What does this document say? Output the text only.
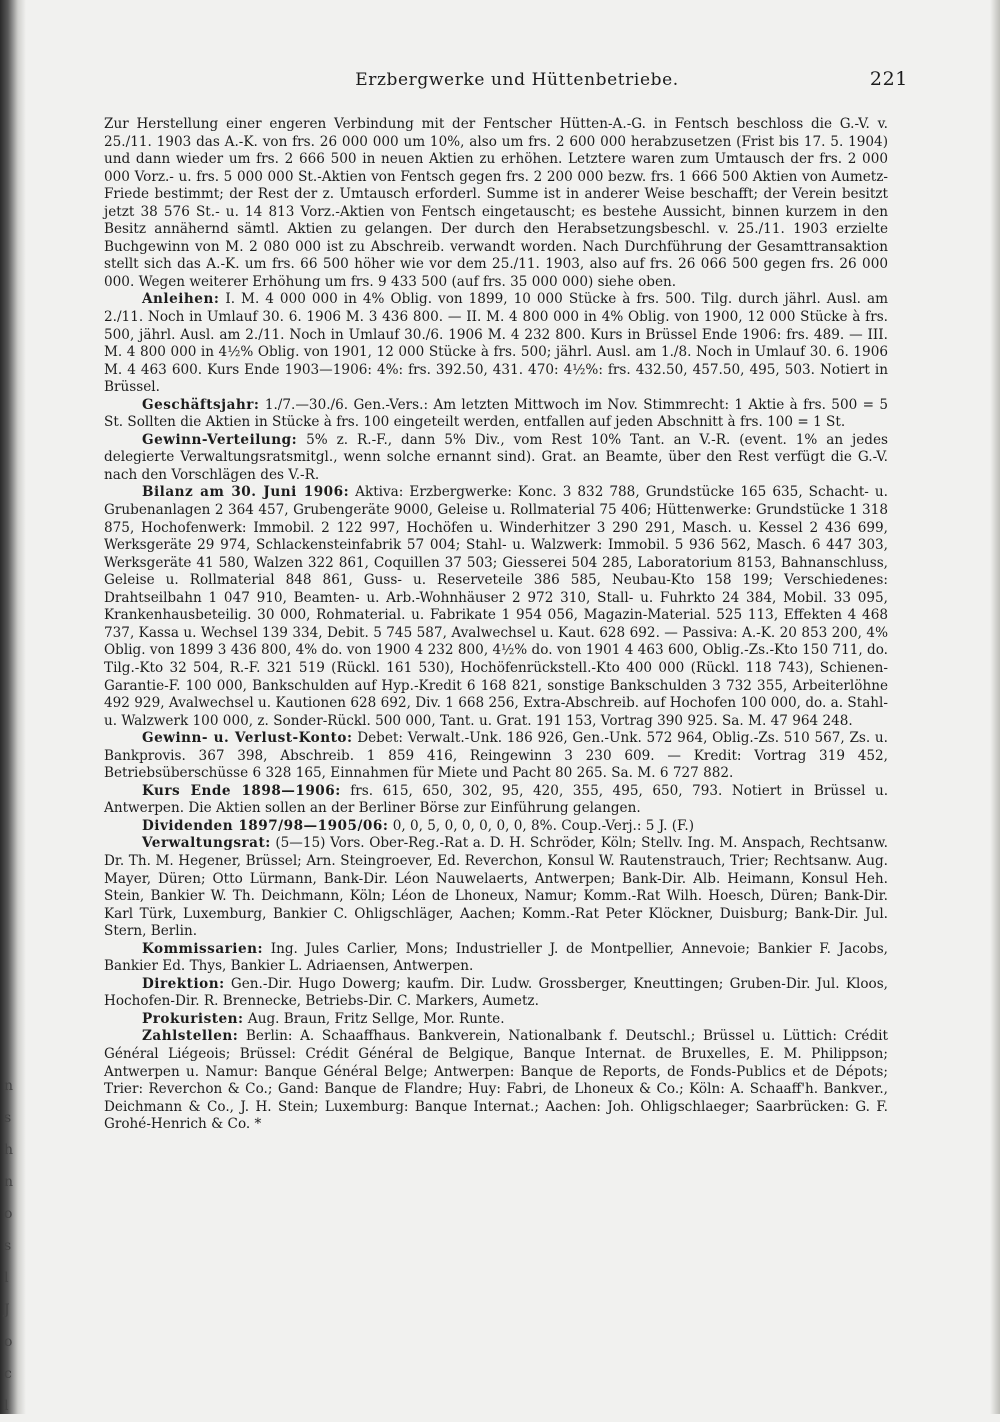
n
s
h
n
o
s
l
J
o
c
l
Erzbergwerke und Hüttenbetriebe.	221

Zur Herstellung einer engeren Verbindung mit der Fentscher Hütten-A.-G. in Fentsch beschloss die G.-V. v. 25./11. 1903 das A.-K. von frs. 26 000 000 um 10%, also um frs. 2 600 000 herabzusetzen (Frist bis 17. 5. 1904) und dann wieder um frs. 2 666 500 in neuen Aktien zu erhöhen. Letztere waren zum Umtausch der frs. 2 000 000 Vorz.- u. frs. 5 000 000 St.-Aktien von Fentsch gegen frs. 2 200 000 bezw. frs. 1 666 500 Aktien von Aumetz-Friede bestimmt; der Rest der z. Umtausch erforderl. Summe ist in anderer Weise beschafft; der Verein besitzt jetzt 38 576 St.- u. 14 813 Vorz.-Aktien von Fentsch eingetauscht; es bestehe Aussicht, binnen kurzem in den Besitz annähernd sämtl. Aktien zu gelangen. Der durch den Herabsetzungsbeschl. v. 25./11. 1903 erzielte Buchgewinn von M. 2 080 000 ist zu Abschreib. verwandt worden. Nach Durchführung der Gesamttransaktion stellt sich das A.-K. um frs. 66 500 höher wie vor dem 25./11. 1903, also auf frs. 26 066 500 gegen frs. 26 000 000. Wegen weiterer Erhöhung um frs. 9 433 500 (auf frs. 35 000 000) siehe oben.

Anleihen: I. M. 4 000 000 in 4% Oblig. von 1899, 10 000 Stücke à frs. 500. Tilg. durch jährl. Ausl. am 2./11. Noch in Umlauf 30. 6. 1906 M. 3 436 800. — II. M. 4 800 000 in 4% Oblig. von 1900, 12 000 Stücke à frs. 500, jährl. Ausl. am 2./11. Noch in Umlauf 30./6. 1906 M. 4 232 800. Kurs in Brüssel Ende 1906: frs. 489. — III. M. 4 800 000 in 4½% Oblig. von 1901, 12 000 Stücke à frs. 500; jährl. Ausl. am 1./8. Noch in Umlauf 30. 6. 1906 M. 4 463 600. Kurs Ende 1903—1906: 4%: frs. 392.50, 431. 470: 4½%: frs. 432.50, 457.50, 495, 503. Notiert in Brüssel.

Geschäftsjahr: 1./7.—30./6. Gen.-Vers.: Am letzten Mittwoch im Nov. Stimmrecht: 1 Aktie à frs. 500 = 5 St. Sollten die Aktien in Stücke à frs. 100 eingeteilt werden, entfallen auf jeden Abschnitt à frs. 100 = 1 St.

Gewinn-Verteilung: 5% z. R.-F., dann 5% Div., vom Rest 10% Tant. an V.-R. (event. 1% an jedes delegierte Verwaltungsratsmitgl., wenn solche ernannt sind). Grat. an Beamte, über den Rest verfügt die G.-V. nach den Vorschlägen des V.-R.

Bilanz am 30. Juni 1906: Aktiva: Erzbergwerke: Konc. 3 832 788, Grundstücke 165 635, Schacht- u. Grubenanlagen 2 364 457, Grubengeräte 9000, Geleise u. Rollmaterial 75 406; Hüttenwerke: Grundstücke 1 318 875, Hochofenwerk: Immobil. 2 122 997, Hochöfen u. Winderhitzer 3 290 291, Masch. u. Kessel 2 436 699, Werksgeräte 29 974, Schlackensteinfabrik 57 004; Stahl- u. Walzwerk: Immobil. 5 936 562, Masch. 6 447 303, Werksgeräte 41 580, Walzen 322 861, Coquillen 37 503; Giesserei 504 285, Laboratorium 8153, Bahnanschluss, Geleise u. Rollmaterial 848 861, Guss- u. Reserveteile 386 585, Neubau-Kto 158 199; Verschiedenes: Drahtseilbahn 1 047 910, Beamten- u. Arb.-Wohnhäuser 2 972 310, Stall- u. Fuhrkto 24 384, Mobil. 33 095, Krankenhausbeteilig. 30 000, Rohmaterial. u. Fabrikate 1 954 056, Magazin-Material. 525 113, Effekten 4 468 737, Kassa u. Wechsel 139 334, Debit. 5 745 587, Avalwechsel u. Kaut. 628 692. — Passiva: A.-K. 20 853 200, 4% Oblig. von 1899 3 436 800, 4% do. von 1900 4 232 800, 4½% do. von 1901 4 463 600, Oblig.-Zs.-Kto 150 711, do. Tilg.-Kto 32 504, R.-F. 321 519 (Rückl. 161 530), Hochöfenrückstell.-Kto 400 000 (Rückl. 118 743), Schienen-Garantie-F. 100 000, Bankschulden auf Hyp.-Kredit 6 168 821, sonstige Bankschulden 3 732 355, Arbeiterlöhne 492 929, Avalwechsel u. Kautionen 628 692, Div. 1 668 256, Extra-Abschreib. auf Hochofen 100 000, do. a. Stahl- u. Walzwerk 100 000, z. Sonder-Rückl. 500 000, Tant. u. Grat. 191 153, Vortrag 390 925. Sa. M. 47 964 248.

Gewinn- u. Verlust-Konto: Debet: Verwalt.-Unk. 186 926, Gen.-Unk. 572 964, Oblig.-Zs. 510 567, Zs. u. Bankprovis. 367 398, Abschreib. 1 859 416, Reingewinn 3 230 609. — Kredit: Vortrag 319 452, Betriebsüberschüsse 6 328 165, Einnahmen für Miete und Pacht 80 265. Sa. M. 6 727 882.

Kurs Ende 1898—1906: frs. 615, 650, 302, 95, 420, 355, 495, 650, 793. Notiert in Brüssel u. Antwerpen. Die Aktien sollen an der Berliner Börse zur Einführung gelangen.

Dividenden 1897/98—1905/06: 0, 0, 5, 0, 0, 0, 0, 0, 8%. Coup.-Verj.: 5 J. (F.)

Verwaltungsrat: (5—15) Vors. Ober-Reg.-Rat a. D. H. Schröder, Köln; Stellv. Ing. M. Anspach, Rechtsanw. Dr. Th. M. Hegener, Brüssel; Arn. Steingroever, Ed. Reverchon, Konsul W. Rautenstrauch, Trier; Rechtsanw. Aug. Mayer, Düren; Otto Lürmann, Bank-Dir. Léon Nauwelaerts, Antwerpen; Bank-Dir. Alb. Heimann, Konsul Heh. Stein, Bankier W. Th. Deichmann, Köln; Léon de Lhoneux, Namur; Komm.-Rat Wilh. Hoesch, Düren; Bank-Dir. Karl Türk, Luxemburg, Bankier C. Ohligschläger, Aachen; Komm.-Rat Peter Klöckner, Duisburg; Bank-Dir. Jul. Stern, Berlin.

Kommissarien: Ing. Jules Carlier, Mons; Industrieller J. de Montpellier, Annevoie; Bankier F. Jacobs, Bankier Ed. Thys, Bankier L. Adriaensen, Antwerpen.

Direktion: Gen.-Dir. Hugo Dowerg; kaufm. Dir. Ludw. Grossberger, Kneuttingen; Gruben-Dir. Jul. Kloos, Hochofen-Dir. R. Brennecke, Betriebs-Dir. C. Markers, Aumetz.

Prokuristen: Aug. Braun, Fritz Sellge, Mor. Runte.

Zahlstellen: Berlin: A. Schaaffhaus. Bankverein, Nationalbank f. Deutschl.; Brüssel u. Lüttich: Crédit Général Liégeois; Brüssel: Crédit Général de Belgique, Banque Internat. de Bruxelles, E. M. Philippson; Antwerpen u. Namur: Banque Général Belge; Antwerpen: Banque de Reports, de Fonds-Publics et de Dépots; Trier: Reverchon & Co.; Gand: Banque de Flandre; Huy: Fabri, de Lhoneux & Co.; Köln: A. Schaaff'h. Bankver., Deichmann & Co., J. H. Stein; Luxemburg: Banque Internat.; Aachen: Joh. Ohligschlaeger; Saarbrücken: G. F. Grohé-Henrich & Co. *
